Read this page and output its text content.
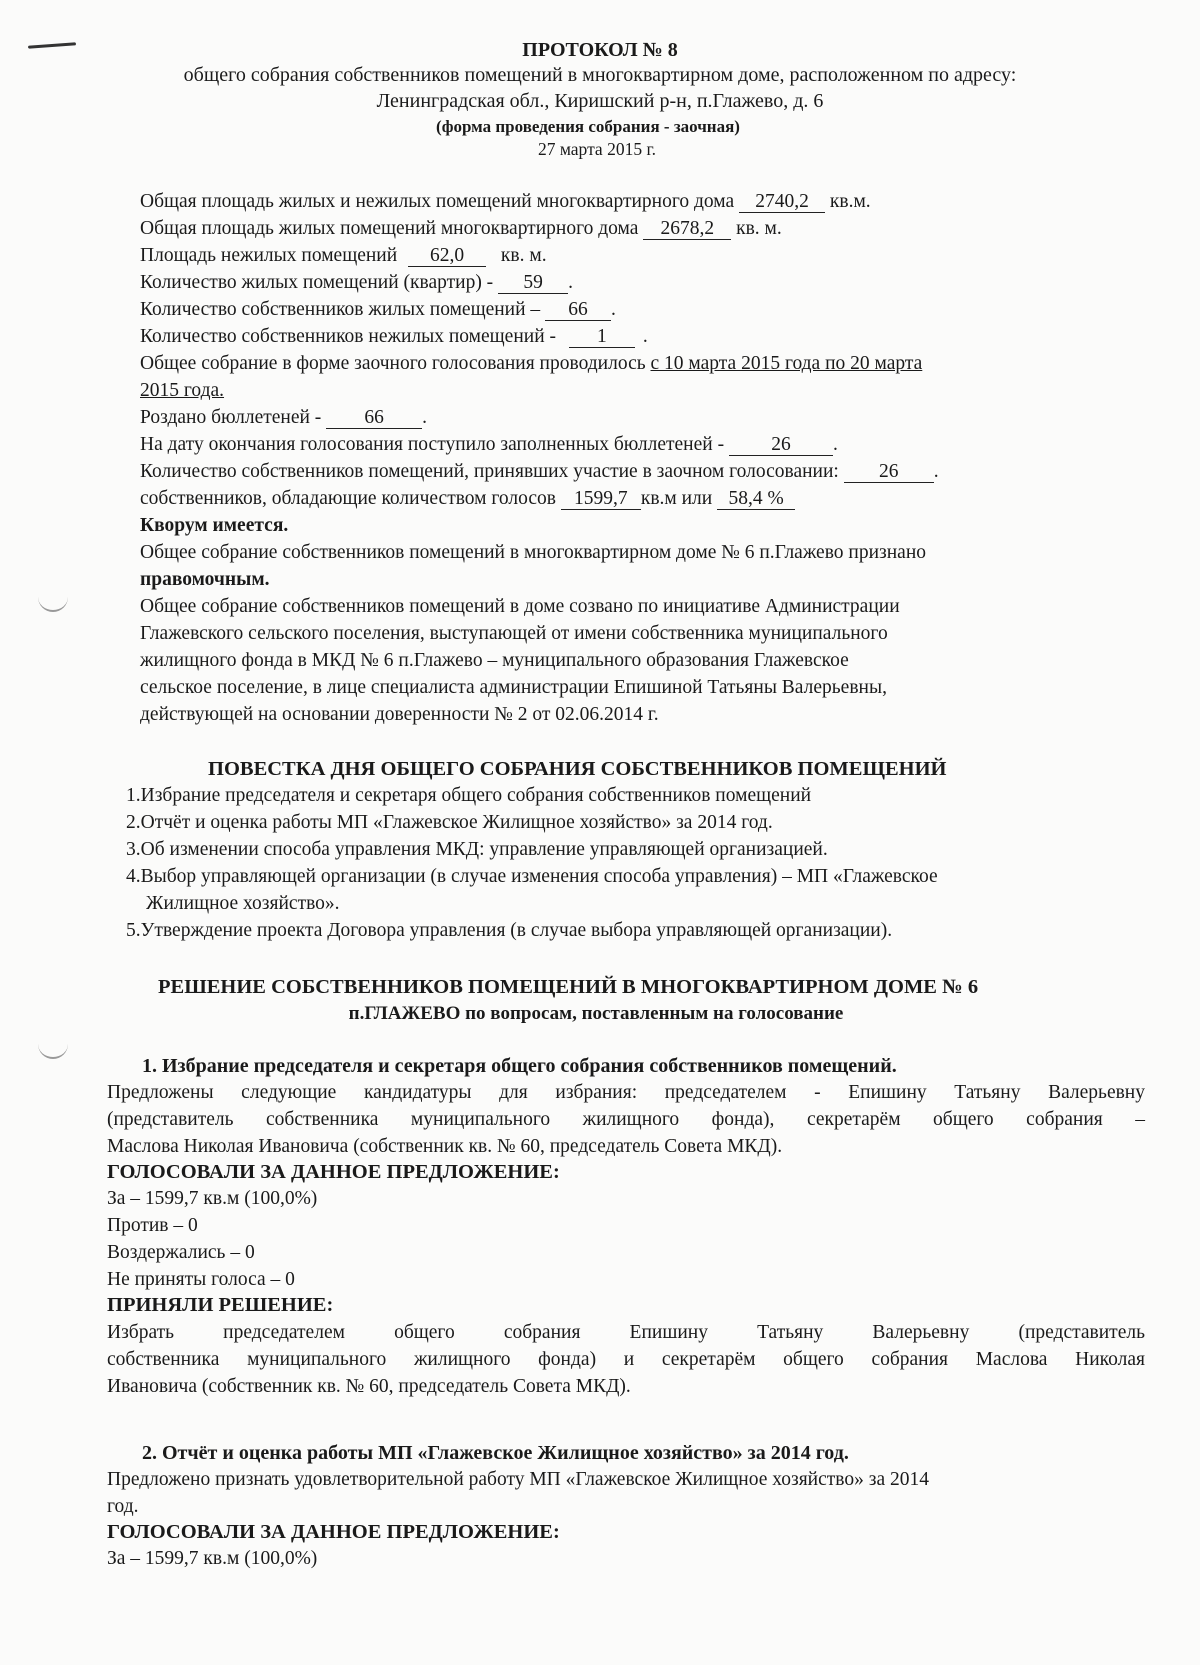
ПРОТОКОЛ № 8
общего собрания собственников помещений в многоквартирном доме, расположенном по адресу:
Ленинградская обл., Киришский р-н, п.Глажево, д. 6
(форма проведения собрания - заочная)
27 марта 2015 г.
Общая площадь жилых и нежилых помещений многоквартирного дома 2740,2 кв.м.
Общая площадь жилых помещений многоквартирного дома 2678,2 кв. м.
Площадь нежилых помещений 62,0 кв. м.
Количество жилых помещений (квартир) - 59 .
Количество собственников жилых помещений – 66 .
Количество собственников нежилых помещений - 1 .
Общее собрание в форме заочного голосования проводилось с 10 марта 2015 года по 20 марта
2015 года.
Роздано бюллетеней - 66 .
На дату окончания голосования поступило заполненных бюллетеней - 26 .
Количество собственников помещений, принявших участие в заочном голосовании: 26 .
собственников, обладающие количеством голосов 1599,7 кв.м или 58,4 %
Кворум имеется.
Общее собрание собственников помещений в многоквартирном доме № 6 п.Глажево признано
правомочным.
Общее собрание собственников помещений в доме созвано по инициативе Администрации
Глажевского сельского поселения, выступающей от имени собственника муниципального
жилищного фонда в МКД № 6 п.Глажево – муниципального образования Глажевское
сельское поселение, в лице специалиста администрации Епишиной Татьяны Валерьевны,
действующей на основании доверенности № 2 от 02.06.2014 г.
ПОВЕСТКА ДНЯ ОБЩЕГО СОБРАНИЯ СОБСТВЕННИКОВ ПОМЕЩЕНИЙ
1.Избрание председателя и секретаря общего собрания собственников помещений
2.Отчёт и оценка работы МП «Глажевское Жилищное хозяйство» за 2014 год.
3.Об изменении способа управления МКД: управление управляющей организацией.
4.Выбор управляющей организации (в случае изменения способа управления) – МП «Глажевское
Жилищное хозяйство».
5.Утверждение проекта Договора управления (в случае выбора управляющей организации).
РЕШЕНИЕ СОБСТВЕННИКОВ ПОМЕЩЕНИЙ В МНОГОКВАРТИРНОМ ДОМЕ № 6
п.ГЛАЖЕВО по вопросам, поставленным на голосование
1. Избрание председателя и секретаря общего собрания собственников помещений.
Предложены следующие кандидатуры для избрания: председателем - Епишину Татьяну Валерьевну
(представитель собственника муниципального жилищного фонда), секретарём общего собрания –
Маслова Николая Ивановича (собственник кв. № 60, председатель Совета МКД).
ГОЛОСОВАЛИ ЗА ДАННОЕ ПРЕДЛОЖЕНИЕ:
За – 1599,7 кв.м (100,0%)
Против – 0
Воздержались – 0
Не приняты голоса – 0
ПРИНЯЛИ РЕШЕНИЕ:
Избрать председателем общего собрания Епишину Татьяну Валерьевну (представитель
собственника муниципального жилищного фонда) и секретарём общего собрания Маслова Николая
Ивановича (собственник кв. № 60, председатель Совета МКД).
2. Отчёт и оценка работы МП «Глажевское Жилищное хозяйство» за 2014 год.
Предложено признать удовлетворительной работу МП «Глажевское Жилищное хозяйство» за 2014
год.
ГОЛОСОВАЛИ ЗА ДАННОЕ ПРЕДЛОЖЕНИЕ:
За – 1599,7 кв.м (100,0%)
